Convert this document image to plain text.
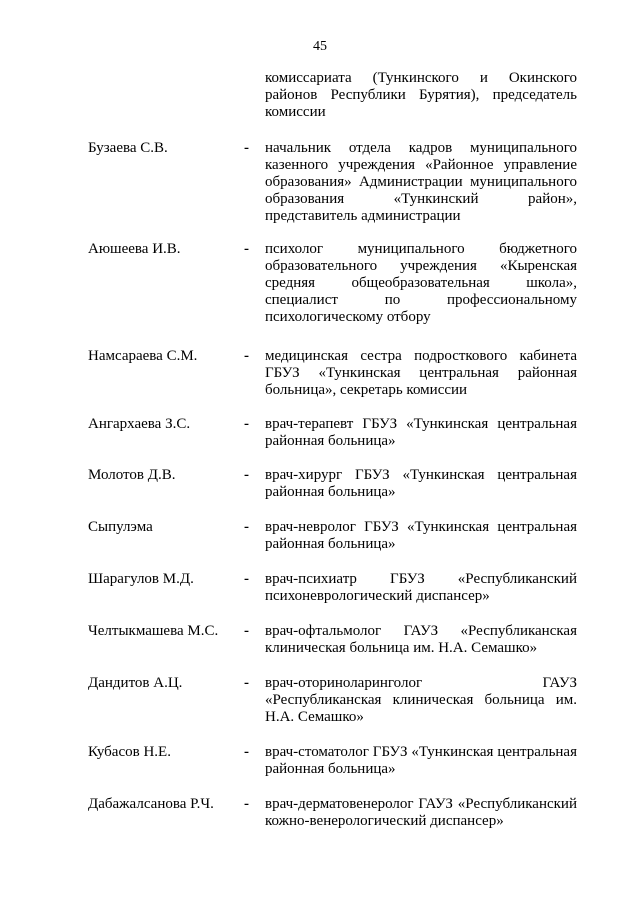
45
комиссариата (Тункинского и Окинского районов Республики Бурятия), председатель комиссии
Бузаева С.В.	- начальник отдела кадров муниципального казенного учреждения «Районное управление образования» Администрации муниципального образования «Тункинский район», представитель администрации
Аюшеева И.В.	- психолог муниципального бюджетного образовательного учреждения «Кыренская средняя общеобразовательная школа», специалист по профессиональному психологическому отбору
Намсараева С.М.	- медицинская сестра подросткового кабинета ГБУЗ «Тункинская центральная районная больница», секретарь комиссии
Ангархаева З.С.	- врач-терапевт ГБУЗ «Тункинская центральная районная больница»
Молотов Д.В.	- врач-хирург ГБУЗ «Тункинская центральная районная больница»
Сыпулэма	- врач-невролог ГБУЗ «Тункинская центральная районная больница»
Шарагулов М.Д.	- врач-психиатр ГБУЗ «Республиканский психоневрологический диспансер»
Челтыкмашева М.С. - врач-офтальмолог ГАУЗ «Республиканская клиническая больница им. Н.А. Семашко»
Дандитов А.Ц.	- врач-оториноларинголог ГАУЗ «Республиканская клиническая больница им. Н.А. Семашко»
Кубасов Н.Е.	- врач-стоматолог ГБУЗ «Тункинская центральная районная больница»
Дабажалсанова Р.Ч. - врач-дерматовенеролог ГАУЗ «Республиканский кожно-венерологический диспансер»
